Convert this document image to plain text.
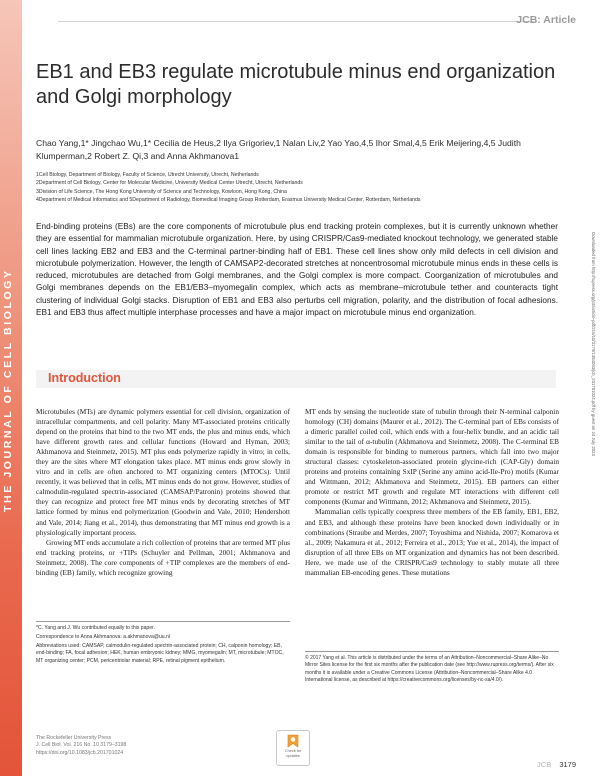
THE JOURNAL OF CELL BIOLOGY
JCB: Article
Downloaded from http://rupress.org/jcb/article-pdf/216/10/3179/1384093/jcb_201701024.pdf by guest on 24 July 2023
EB1 and EB3 regulate microtubule minus end organization and Golgi morphology
Chao Yang,1* Jingchao Wu,1* Cecilia de Heus,2 Ilya Grigoriev,1 Nalan Liv,2 Yao Yao,4,5 Ihor Smal,4,5 Erik Meijering,4,5 Judith Klumperman,2 Robert Z. Qi,3 and Anna Akhmanova1
1Cell Biology, Department of Biology, Faculty of Science, Utrecht University, Utrecht, Netherlands
2Department of Cell Biology, Center for Molecular Medicine, University Medical Center Utrecht, Utrecht, Netherlands
3Division of Life Science, The Hong Kong University of Science and Technology, Kowloon, Hong Kong, China
4Department of Medical Informatics and 5Department of Radiology, Biomedical Imaging Group Rotterdam, Erasmus University Medical Center, Rotterdam, Netherlands
End-binding proteins (EBs) are the core components of microtubule plus end tracking protein complexes, but it is currently unknown whether they are essential for mammalian microtubule organization. Here, by using CRISPR/Cas9-mediated knockout technology, we generated stable cell lines lacking EB2 and EB3 and the C-terminal partner-binding half of EB1. These cell lines show only mild defects in cell division and microtubule polymerization. However, the length of CAMSAP2-decorated stretches at noncentrosomal microtubule minus ends in these cells is reduced, microtubules are detached from Golgi membranes, and the Golgi complex is more compact. Coorganization of microtubules and Golgi membranes depends on the EB1/EB3–myomegalin complex, which acts as membrane–microtubule tether and counteracts tight clustering of individual Golgi stacks. Disruption of EB1 and EB3 also perturbs cell migration, polarity, and the distribution of focal adhesions. EB1 and EB3 thus affect multiple interphase processes and have a major impact on microtubule minus end organization.
Introduction

Microtubules (MTs) are dynamic polymers essential for cell division, organization of intracellular compartments, and cell polarity. Many MT-associated proteins critically depend on the proteins that bind to the two MT ends, the plus and minus ends, which have different growth rates and cellular functions (Howard and Hyman, 2003; Akhmanova and Steinmetz, 2015). MT plus ends polymerize rapidly in vitro; in cells, they are the sites where MT elongation takes place. MT minus ends grow slowly in vitro and in cells are often anchored to MT organizing centers (MTOCs). Until recently, it was believed that in cells, MT minus ends do not grow. However, studies of calmodulin-regulated spectrin-associated (CAMSAP/Patronin) proteins showed that they can recognize and protect free MT minus ends by decorating stretches of MT lattice formed by minus end polymerization (Goodwin and Vale, 2010; Hendershott and Vale, 2014; Jiang et al., 2014), thus demonstrating that MT minus end growth is a physiologically important process.

Growing MT ends accumulate a rich collection of proteins that are termed MT plus end tracking proteins, or +TIPs (Schuyler and Pellman, 2001; Akhmanova and Steinmetz, 2008). The core components of +TIP complexes are the members of end-binding (EB) family, which recognize growing

MT ends by sensing the nucleotide state of tubulin through their N-terminal calponin homology (CH) domains (Maurer et al., 2012). The C-terminal part of EBs consists of a dimeric parallel coiled coil, which ends with a four-helix bundle, and an acidic tail similar to the tail of α-tubulin (Akhmanova and Steinmetz, 2008). The C-terminal EB domain is responsible for binding to numerous partners, which fall into two major structural classes: cytoskeleton-associated protein glycine-rich (CAP-Gly) domain proteins and proteins containing SxIP (Serine any amino acid-Ile-Pro) motifs (Kumar and Wittmann, 2012; Akhmanova and Steinmetz, 2015). EB partners can either promote or restrict MT growth and regulate MT interactions with different cell components (Kumar and Wittmann, 2012; Akhmanova and Steinmetz, 2015).

Mammalian cells typically coexpress three members of the EB family, EB1, EB2, and EB3, and although these proteins have been knocked down individually or in combinations (Straube and Merdes, 2007; Toyoshima and Nishida, 2007; Komarova et al., 2009; Nakamura et al., 2012; Ferreira et al., 2013; Yue et al., 2014), the impact of disruption of all three EBs on MT organization and dynamics has not been described. Here, we made use of the CRISPR/Cas9 technology to stably mutate all three mammalian EB-encoding genes. These mutations

*C. Yang and J. Wu contributed equally to this paper.

Correspondence to Anna Akhmanova: a.akhmanova@uu.nl

Abbreviations used: CAMSAP, calmodulin-regulated spectrin-associated protein; CH, calponin homology; EB, end-binding; FA, focal adhesion; HEK, human embryonic kidney; MMG, myomegalin; MT, microtubule; MTOC, MT organizing center; PCM, pericentriolar material; RPE, retinal pigment epithelium.	© 2017 Yang et al. This article is distributed under the terms of an Attribution–Noncommercial–Share Alike–No Mirror Sites license for the first six months after the publication date (see http://www.rupress.org/terms/). After six months it is available under a Creative Commons License (Attribution–Noncommercial–Share Alike 4.0 International license, as described at https://creativecommons.org/licenses/by-nc-sa/4.0/).
The Rockefeller University Press
J. Cell Biol. Vol. 216 No. 10 3179–3198
https://doi.org/10.1083/jcb.201701024	Check for
updates
JCB 3179
